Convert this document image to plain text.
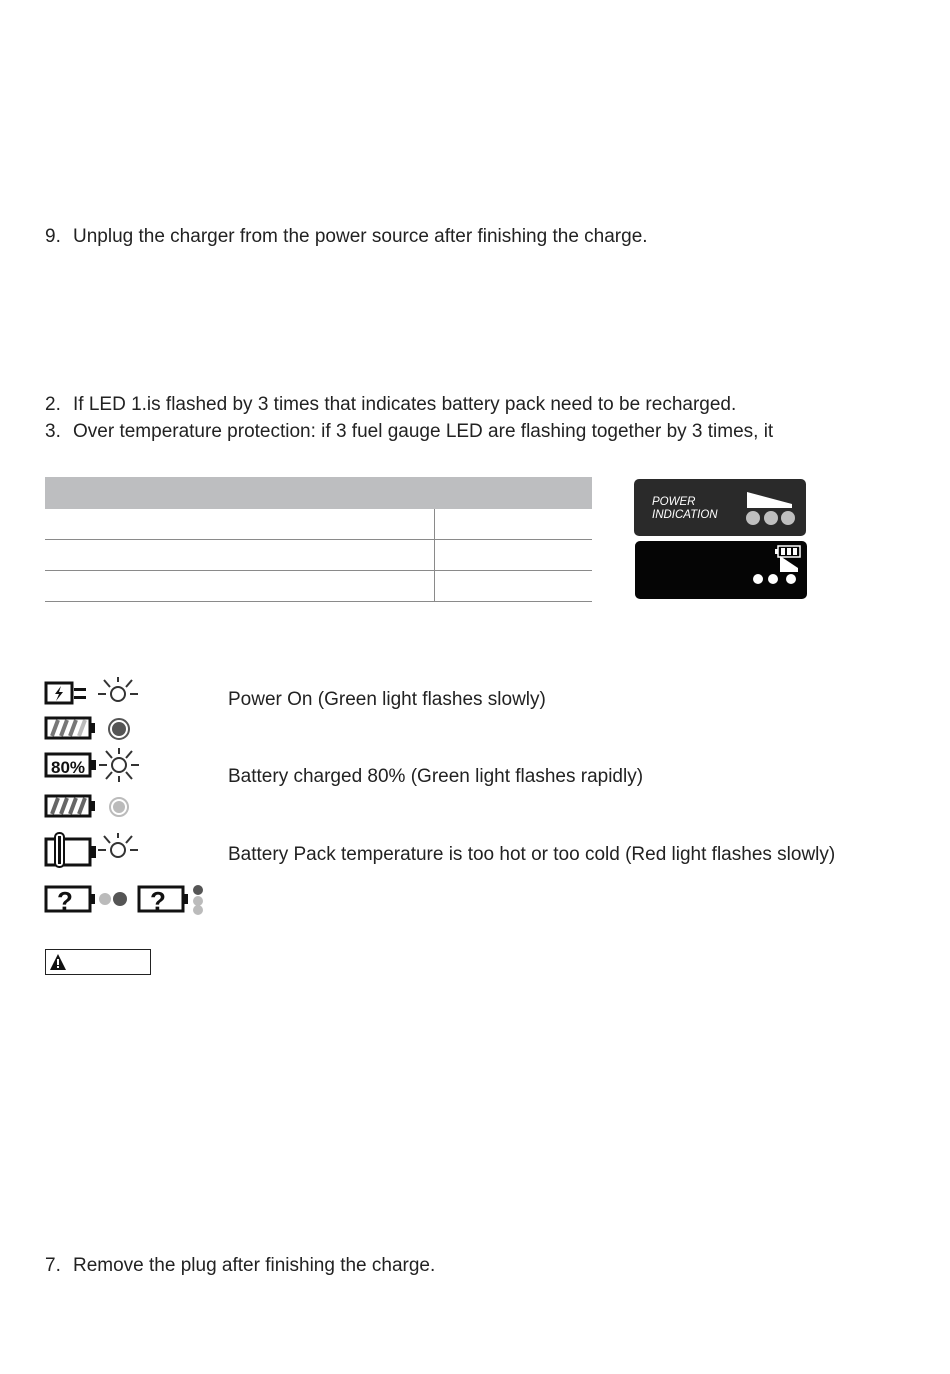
9. Unplug the charger from the power source after finishing the charge.
2. If LED 1.is flashed by 3 times that indicates battery pack need to be recharged.
3. Over temperature protection: if 3 fuel gauge LED are flashing together by 3 times, it
POWER
INDICATION
Power On (Green light flashes slowly)
80%	Battery charged 80% (Green light flashes rapidly)
Battery Pack temperature is too hot or too cold (Red light flashes slowly)
?	?
7. Remove the plug after finishing the charge.
